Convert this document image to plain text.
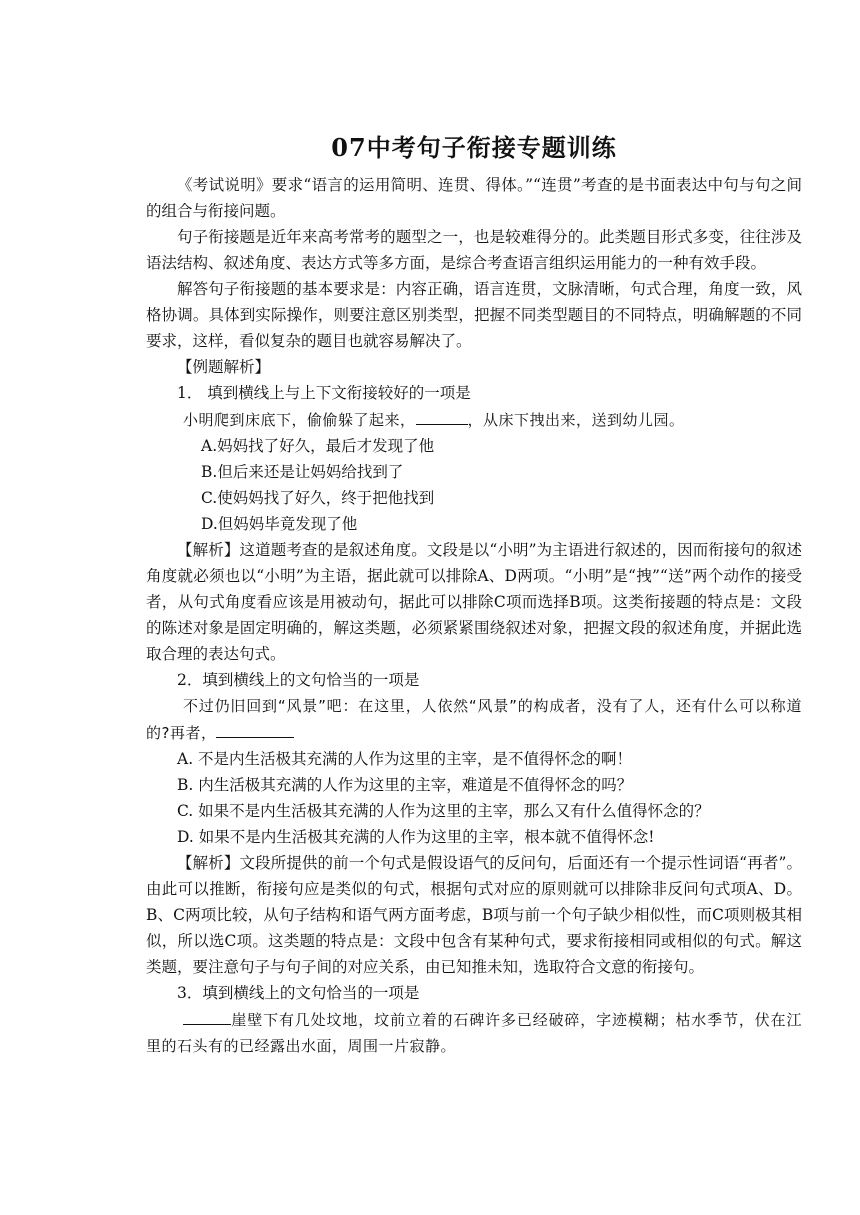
07中考句子衔接专题训练

《考试说明》要求“语言的运用简明、连贯、得体。”“连贯”考查的是书面表达中句与句之间的组合与衔接问题。

句子衔接题是近年来高考常考的题型之一，也是较难得分的。此类题目形式多变，往往涉及语法结构、叙述角度、表达方式等多方面，是综合考查语言组织运用能力的一种有效手段。

解答句子衔接题的基本要求是：内容正确，语言连贯，文脉清晰，句式合理，角度一致，风格协调。具体到实际操作，则要注意区别类型，把握不同类型题目的不同特点，明确解题的不同要求，这样，看似复杂的题目也就容易解决了。

【例题解析】

1． 填到横线上与上下文衔接较好的一项是

小明爬到床底下，偷偷躲了起来，	，从床下拽出来，送到幼儿园。

A.妈妈找了好久，最后才发现了他

B.但后来还是让妈妈给找到了

C.使妈妈找了好久，终于把他找到

D.但妈妈毕竟发现了他

【解析】这道题考查的是叙述角度。文段是以“小明”为主语进行叙述的，因而衔接句的叙述角度就必须也以“小明”为主语，据此就可以排除A、D两项。“小明”是“拽”“送”两个动作的接受者，从句式角度看应该是用被动句，据此可以排除C项而选择B项。这类衔接题的特点是：文段的陈述对象是固定明确的，解这类题，必须紧紧围绕叙述对象，把握文段的叙述角度，并据此选取合理的表达句式。

2．填到横线上的文句恰当的一项是

不过仍旧回到“风景”吧：在这里，人依然“风景”的构成者，没有了人，还有什么可以称道的?再者，

A. 不是内生活极其充满的人作为这里的主宰，是不值得怀念的啊！

B. 内生活极其充满的人作为这里的主宰，难道是不值得怀念的吗？

C. 如果不是内生活极其充满的人作为这里的主宰，那么又有什么值得怀念的？

D. 如果不是内生活极其充满的人作为这里的主宰，根本就不值得怀念!

【解析】文段所提供的前一个句式是假设语气的反问句，后面还有一个提示性词语“再者”。由此可以推断，衔接句应是类似的句式，根据句式对应的原则就可以排除非反问句式项A、D。B、C两项比较，从句子结构和语气两方面考虑，B项与前一个句子缺少相似性，而C项则极其相似，所以选C项。这类题的特点是：文段中包含有某种句式，要求衔接相同或相似的句式。解这类题，要注意句子与句子间的对应关系，由已知推未知，选取符合文意的衔接句。

3．填到横线上的文句恰当的一项是

崖壁下有几处坟地，坟前立着的石碑许多已经破碎，字迹模糊；枯水季节，伏在江里的石头有的已经露出水面，周围一片寂静。
